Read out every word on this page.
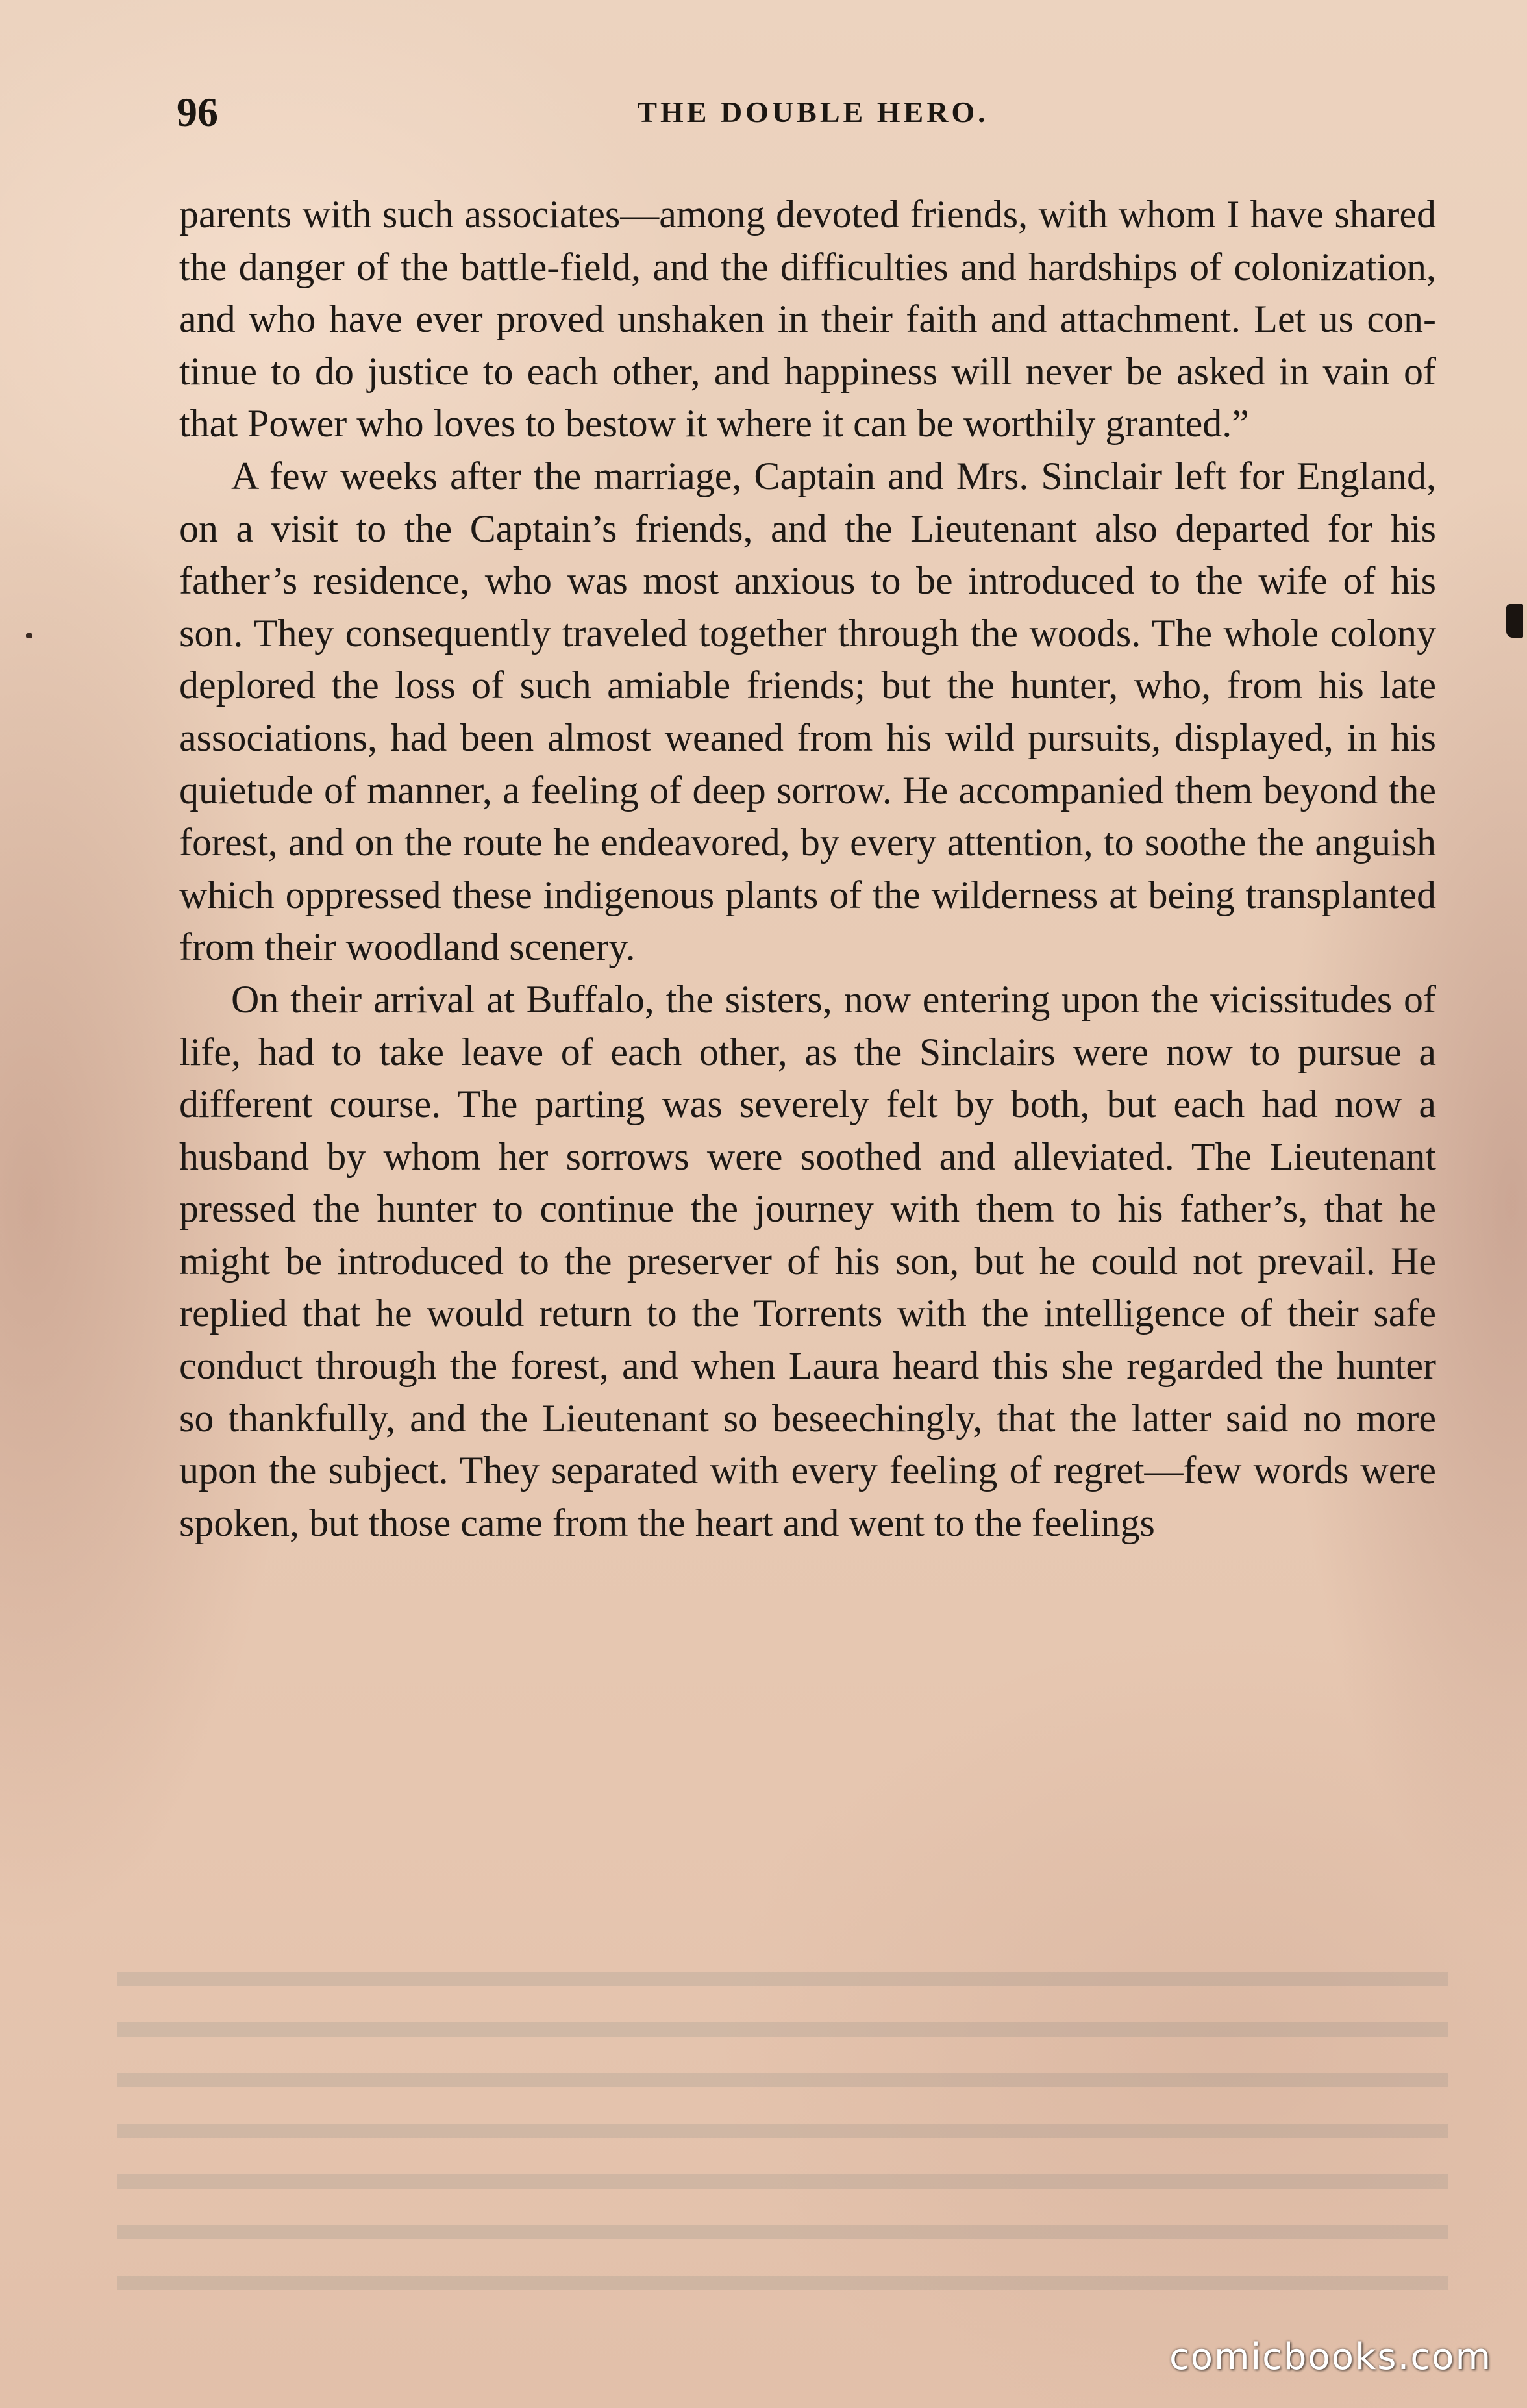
96	THE DOUBLE HERO.

parents with such associates—among devoted friends, with whom I have shared the danger of the battle-field, and the difficulties and hardships of colonization, and who have ever proved unshaken in their faith and attachment. Let us continue to do justice to each other, and happiness will never be asked in vain of that Power who loves to bestow it where it can be worthily granted.”

A few weeks after the marriage, Captain and Mrs. Sinclair left for England, on a visit to the Captain’s friends, and the Lieutenant also departed for his father’s residence, who was most anxious to be introduced to the wife of his son. They consequently traveled together through the woods. The whole colony deplored the loss of such amiable friends; but the hunter, who, from his late associations, had been almost weaned from his wild pursuits, displayed, in his quietude of manner, a feeling of deep sorrow. He accompanied them beyond the forest, and on the route he endeavored, by every attention, to soothe the anguish which oppressed these indigenous plants of the wilderness at being transplanted from their woodland scenery.

On their arrival at Buffalo, the sisters, now entering upon the vicissitudes of life, had to take leave of each other, as the Sinclairs were now to pursue a different course. The parting was severely felt by both, but each had now a husband by whom her sorrows were soothed and alleviated. The Lieutenant pressed the hunter to continue the journey with them to his father’s, that he might be introduced to the preserver of his son, but he could not prevail. He replied that he would return to the Torrents with the intelligence of their safe conduct through the forest, and when Laura heard this she regarded the hunter so thankfully, and the Lieutenant so beseechingly, that the latter said no more upon the subject. They separated with every feeling of regret—few words were spoken, but those came from the heart and went to the feelings

comicbooks.com
